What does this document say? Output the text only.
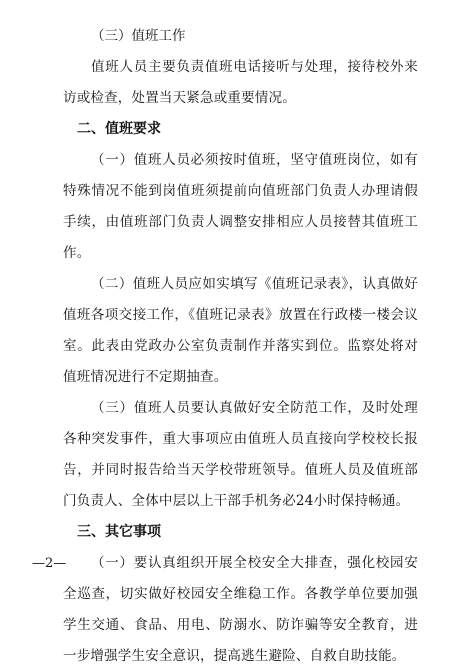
（三）值班工作

值班人员主要负责值班电话接听与处理，接待校外来访或检查，处置当天紧急或重要情况。

二、值班要求

（一）值班人员必须按时值班，坚守值班岗位，如有特殊情况不能到岗值班须提前向值班部门负责人办理请假手续，由值班部门负责人调整安排相应人员接替其值班工作。

（二）值班人员应如实填写《值班记录表》，认真做好值班各项交接工作，《值班记录表》放置在行政楼一楼会议室。此表由党政办公室负责制作并落实到位。监察处将对值班情况进行不定期抽查。

（三）值班人员要认真做好安全防范工作，及时处理各种突发事件，重大事项应由值班人员直接向学校校长报告，并同时报告给当天学校带班领导。值班人员及值班部门负责人、全体中层以上干部手机务必24小时保持畅通。

三、其它事项

（一）要认真组织开展全校安全大排查，强化校园安全巡查，切实做好校园安全维稳工作。各教学单位要加强学生交通、食品、用电、防溺水、防诈骗等安全教育，进一步增强学生安全意识，提高逃生避险、自救自助技能。

—2—
